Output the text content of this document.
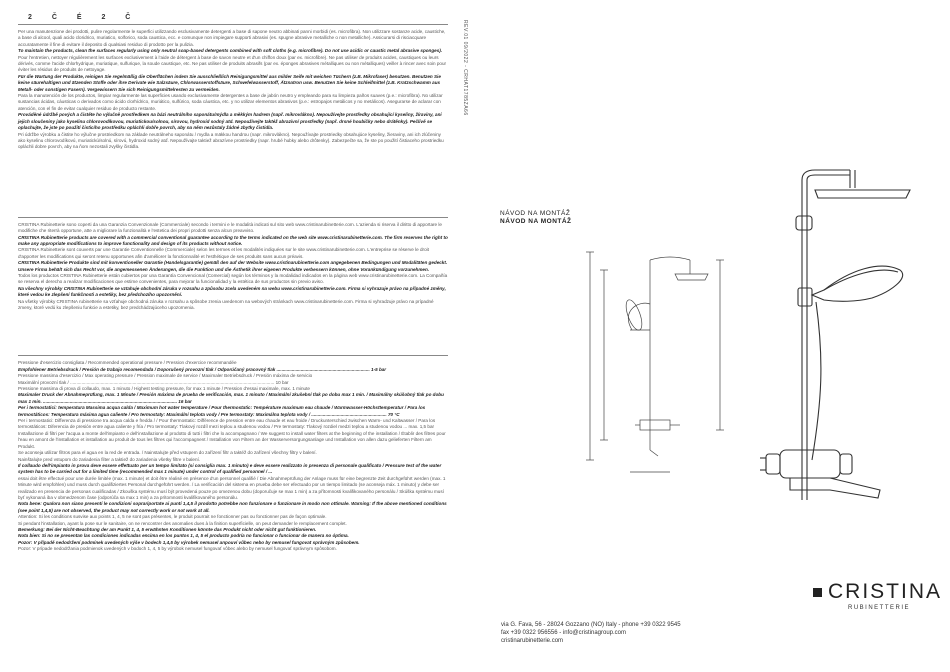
2 Č É 2 Č

Per una manutenzione dei prodotti, pulire regolarmente le superfici utilizzando esclusivamente detergenti a base di sapone neutro abbinati panni morbidi (es. microfibra). Non utilizzare sostanze acide, caustiche, a base di alcool, quali acido cloridrico, muriatico, solforico, soda caustica, ecc. e comunque non impiegare supporti abrasivi (es. spugne abrasive metalliche o non metalliche). Assicurarsi di risciacquare accuratamente il fine di evitare il deposito di qualsiasi residuo di prodotto per la pulizia.

To maintain the products, clean the surfaces regularly using only neutral soap-based detergents combined with soft cloths (e.g. microfibre). Do not use acidic or caustic metal abrasive sponges).

Pour l'entretien, nettoyer régulièrement les surfaces exclusivement à l'aide de détergent à base de savon neutre et d'un chiffon doux (par ex. microfibre). Ne pas utiliser de produits acides, caustiques ou leurs dérivés, comme l'acide chlorhydrique, muriatique, sulfurique, la soude caustique, etc. Ne pas utiliser de produits abrasifs (par ex. éponges abrasives métalliques ou non métalliques) veiller à rincer avec soin pour éviter les résidus de produits de nettoyage.

Für die Wartung der Produkte, reinigen Sie regelmäßig die Oberflächen indem Sie ausschließlich Reinigungsmittel aus milder Seife mit weichen Tüchern (z.B. Mikrofaser) benutzen. Benutzen Sie keine säurehaltigen und ätzenden Stoffe oder ihre Derivate wie Salzsäure, Chlorwasserstoffsäure, Schwefelwasserstoff, Ätznatron usw. Benutzen Sie keine Schleifmittel (z.B. Kratzschwamm aus Metall- oder sonstigen Fasern). Vergewissern Sie sich Reinigungsmittelresten zu vermeiden.

Para la manutención de los productos, limpiar regularmente las superficies usando exclusivamente detergentes a base de jabón neutro y empleando para su limpieza paños suaves (p.e.: microfibra). No utilizar sustancias ácidas, cáusticas o derivados como ácido clorhídrico, muriático, sulfúrico, soda cáustica, etc. y no utilizar elementos abrasivos (p.e.: estropajos metálicos y no metálicos). Asegurarse de aclarar con atención, con el fin de evitar cualquier residuo de producto restante.

Prováděné údržbě pových a čistěte ho výlučně prostředkem na bázi neutrálního saponátu/mýdla a měkkým hadrem (např. mikrovlákno). Nepoužívejte prostředky obsahující kyseliny, žíraviny, ani jejich sloučeniny jako kyselinu chlorovodíkovou, muriatickou/solnou, sírovou, hydroxid sodný atd. Nepoužívejte taktéž abrazivní prostředky (např. drsné houbičky nebo drátěnky). Pečlivě se oplachujte, že jste po použití čisticího prostředku opláchli dobře povrch, aby na něm nezůstaly žádné zbytky čistidla.

Pri údržbe výrobku a čistite ho výlučne prostriedkom na základe neutrálneho saponátu / mydla a mäkkou handrou (napr. mikrovlákno). Nepoužívajte prostriedky obsahujúce kyseliny, žieraviny, ani ich zlúčeniny ako kyselinu chlorovodíkovú, muriatickú/solnú, sírovú, hydroxid sodný atď. Nepoužívajte taktiež abrazívne prostriedky (napr. hrubé hubky alebo drôtenky). Zabezpečte sa, že ste po použití čistiaceho prostriedku opláchli dobre povrch, aby na ňom nezostali zvyšky čistidla.

CRISTINA Rubinetterie sono coperti da una Garanzia Convenzionale (Commerciale) secondo i termini e le modalità indicati sul sito web www.cristinarubinetterie.com. L'azienda si riserva il diritto di apportare le modifiche che riterrà opportune, atte a migliorare la funzionalità e l'estetica dei propri prodotti senza alcun preavviso.

CRISTINA Rubinetterie products are covered with a commercial conventional guarantee according to the terms indicated on the web site www.cristinarubinetterie.com. The firm reserves the right to make any appropriate modifications to improve functionality and design of its products without notice.

CRISTINA Rubinetterie sont couverts par une Garantie Conventionnelle (Commerciale) selon les termes et les modalités indiquées sur le site www.cristinarubinetterie.com. L'entreprise se réserve le droit d'apporter les modifications qui seront retenu opportunes afin d'améliorer la fonctionnalité et l'esthétique de ses produits sans aucun préavis.

CRISTINA Rubinetterie Produkte sind mit konventioneller Garantie (Handelsgarantie) gemäß den auf der Website www.cristinarubinetterie.com angegebenen Bedingungen und Modalitäten gedeckt. Unsere Firma behält sich das Recht vor, die angemessenen Änderungen, die die Funktion und die Ästhetik ihrer eigenen Produkte verbessern können, ohne Vorankündigung vorzunehmen.

Todos los productos CRISTINA Rubinetterie están cubiertos por una Garantía Convencional (Comercial) según los términos y la modalidad indicados en la página web www.cristinarubinetterie.com. La Compañía se reserva el derecho a realizar modificaciones que estime convenientes, para mejorar la funcionalidad y la estética de sus productos sin previo aviso.

Na všechny výrobky CRISTINA Rubinetterie se vztahuje obchodní záruka v rozsahu a způsobu zcela uvedeném na webu www.cristinarubinetterie.com. Firma si vyhrazuje právo na případné změny, které vedou ke zlepšení funkčnosti a estetiky, bez předchozího upozornění.

Na všetky výrobky CRISTINA rubinetterie sa vzťahuje obchodná záruka v rozsahu a spôsobe zrenia uvedenom na webových stránkach www.cristinarubinetterie.com. Firma si vyhradzuje právo na prípadné zmeny, ktoré vedú ku zlepšeniu funkcie a estetiky, bez predchádzajúceho upozornenia.

Pressione d'esercizio consigliata / Recommended operational pressure / Pression d'exercice recommandée

Empfohlener Betriebsdruck / Presión de trabajo recomendada / Doporučený provozní tlak / Odporúčaný pracovný tlak ......................................................................... 1-5 bar

Pressione massima d'esercizio / Max operating pressure / Pression maximale de service / Maximaler Betriebsdruck / Presión máxima de servicio

Maximální provozní tlak / ................................................................................................................................................................ 10 bar

Pressione massima di prova di collaudo, max. 1 minuto / Highest testing pressure, for max 1 minute / Pression d'essai maximale, max. 1 minute

Maximaler Druck der Abnahmeprüfung, max. 1 Minute / Presión máxima de prueba de verificación, max. 1 minuto / Maximální zkušební tlak po dobu max 1 min. / Maximálny skúšobný tlak po dobu max 1 min. ......................................................................................................... 16 bar

Per i termostatici: temperatura Massima acqua calda / Maximum hot water temperature / Pour thermostatic: Température maximum eau chaude / Warmwasser-Höchsttemperatur / Para los termostáticos: Temperatura máxima agua caliente / Pro termostaty: Maximální teplota vody / Pre termostaty: Maximálna teplota vody / ........................................................... 70 °C

Per i termostatici: Differenza di pressione tra acqua calda e fredda / / Pour thermostatic: Différence de pression entre eau chaude et eau froide / Druckunterschied zwischen Warm- und Kaltwasser / Para los termostáticos: Diferencia de presión entre agua caliente y fría / Pro termostaty: Tlakový rozdíl mezi teplou a studenou vodou / Pre termostaty: Tlakový rozdiel medzi teplou a studenou vodou ... max. 1,5 bar

Installazione di filtri per l'acqua a monte dell'impianto e dell'installazione al prodotto di tutti i filtri che lo accompagnano / We suggest to install water filters at the beginning of the installation / Établir des filtres pour l'eau en amont de l'installation et installation au produit de tous les filtres qui l'accompagnent / Installation von Filtern an der Wasserversorgungsanlage und Installation von allen dazu gelieferten Filtern am Produkt.

Se aconseja utilizar filtros para el agua en la red de entrada. / Nainstalujte před vstupem do zařízení filtr a taktéž do zařízení všechny filtry v balení.

Nainštalujte pred vstupom do zariadenia filter a taktiež do zariadenia všetky filtre v balení.

Il collaudo dell'impianto in prova deve essere effettuato per un tempo limitato (si consiglia max. 1 minuto) e deve essere realizzato in presenza di personale qualificato / Pressure test of the water system has to be carried out for a limited time (recommended max 1 minute) under control of qualified personnel / ...

essai doit être effectué pour une durée limitée (max. 1 minute) et doit être réalisé en présence d'un personnel qualifié / Die Abnahmeprüfung der Anlage muss für eine begrenzte Zeit durchgeführt werden (max. 1 Minute wird empfohlen) und muss durch qualifiziertes Personal durchgeführt werden. / La verificación del sistema en prueba debe ser efectuado por un tiempo limitado (se aconseja máx. 1 minuto) y debe ser realizado en presencia de personas cualificadas / Zkouška systému musí být provedená pouze po omezenou dobu (doporučuje se max 1 min) a za přítomnosti kvalifikovaného personálu / Skúška systému musí byť vykonaná iba v obmedzenom čase (odporúča sa max 1 min) a za prítomnosti kvalifikovaného personálu.

Nota bene: Qualora non siano presenti le condizioni soprariportate ai punti 1,4,5 il prodotto potrebbe non funzionare o funzionare in modo non ottimale. Warning: If the above mentioned conditions (see point 1,4,5) are not observed, the product may not correctly work or not work at all.

Attention: Si les conditions susvise aux points 1, 4, 5 ne sont pas présentes, le produit pourrait ne fonctionner pas ou fonctionner pas de façon optimale.

Si pendant l'installation, ayant la pose sur le sanitaire, on ne rencontrer des anomalies dues à la finition superficielle, on peut demander le remplacement complet.

Bemerkung: Bei der Nicht-Beachtung der am Punkt 1, 4, 5 erwähnten Konditionen könnte das Produkt nicht oder nicht gut funktionieren.

Nota bien: Si no se presentan las condiciones indicadas encima en los puntos 1, 4, 5 el producto podría no funcionar o funcionar de manera no óptima.

Pozor: V případě nedodržení podmínek uvedených výše v bodech 1,4,5 by výrobek nemusel anpouví vůbec nebo by nemusel fungovat správným způsobem.

Pozor: V prípade nedodržania podmienok uvedených v bodoch 1, 4, 5 by výrobok nemusel fungovať vôbec alebo by nemusel fungovať správnym spôsobom.

REV.01 09/2022 - CRHAT1785ZA66
NÁVOD NA MONTÁŽ
NÁVOD NA MONTÁŽ
CRISTINA
RUBINETTERIE
via G. Fava, 56 - 28024 Gozzano (NO) Italy - phone +39 0322 9545
fax +39 0322 956556 - info@cristinagroup.com
cristinarubinetterie.com
